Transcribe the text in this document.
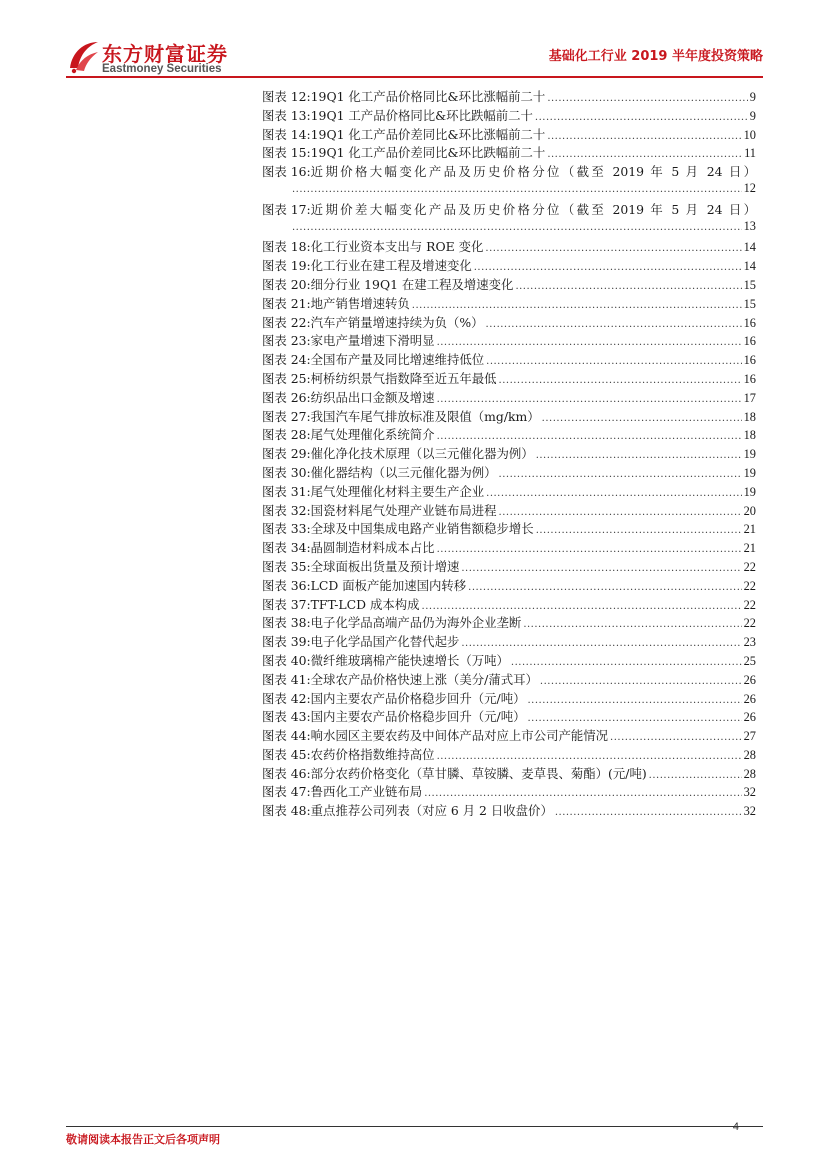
东方财富证券
Eastmoney Securities
基础化工行业 2019 半年度投资策略
图表 12: 19Q1 化工产品价格同比&环比涨幅前二十 .....	9
图表 13: 19Q1 工产品价格同比&环比跌幅前二十 .....	9
图表 14: 19Q1 化工产品价差同比&环比涨幅前二十 .....	10
图表 15: 19Q1 化工产品价差同比&环比跌幅前二十 .....	11
图表 16: 近期价格大幅变化产品及历史价格分位（截至 2019 年 5 月 24 日）
.....
12
图表 17: 近期价差大幅变化产品及历史价格分位（截至 2019 年 5 月 24 日）
.....
13
图表 18: 化工行业资本支出与 ROE 变化 .....	14
图表 19: 化工行业在建工程及增速变化 .....	14
图表 20: 细分行业 19Q1 在建工程及增速变化 .....	15
图表 21: 地产销售增速转负 .....	15
图表 22: 汽车产销量增速持续为负（%） .....	16
图表 23: 家电产量增速下滑明显 .....	16
图表 24: 全国布产量及同比增速维持低位 .....	16
图表 25: 柯桥纺织景气指数降至近五年最低 .....	16
图表 26: 纺织品出口金额及增速 .....	17
图表 27: 我国汽车尾气排放标准及限值（mg/km） .....	18
图表 28: 尾气处理催化系统简介 .....	18
图表 29: 催化净化技术原理（以三元催化器为例） .....	19
图表 30: 催化器结构（以三元催化器为例） .....	19
图表 31: 尾气处理催化材料主要生产企业 .....	19
图表 32: 国瓷材料尾气处理产业链布局进程 .....	20
图表 33: 全球及中国集成电路产业销售额稳步增长 .....	21
图表 34: 晶圆制造材料成本占比 .....	21
图表 35: 全球面板出货量及预计增速 .....	22
图表 36: LCD 面板产能加速国内转移 .....	22
图表 37: TFT-LCD 成本构成 .....	22
图表 38: 电子化学品高端产品仍为海外企业垄断 .....	22
图表 39: 电子化学品国产化替代起步 .....	23
图表 40: 微纤维玻璃棉产能快速增长（万吨） .....	25
图表 41: 全球农产品价格快速上涨（美分/蒲式耳） .....	26
图表 42: 国内主要农产品价格稳步回升（元/吨） .....	26
图表 43: 国内主要农产品价格稳步回升（元/吨） .....	26
图表 44: 响水园区主要农药及中间体产品对应上市公司产能情况 .....	27
图表 45: 农药价格指数维持高位 .....	28
图表 46: 部分农药价格变化（草甘膦、草铵膦、麦草畏、菊酯）(元/吨) .....	28
图表 47: 鲁西化工产业链布局 .....	32
图表 48: 重点推荐公司列表（对应 6 月 2 日收盘价） .....	32
敬请阅读本报告正文后各项声明
4
